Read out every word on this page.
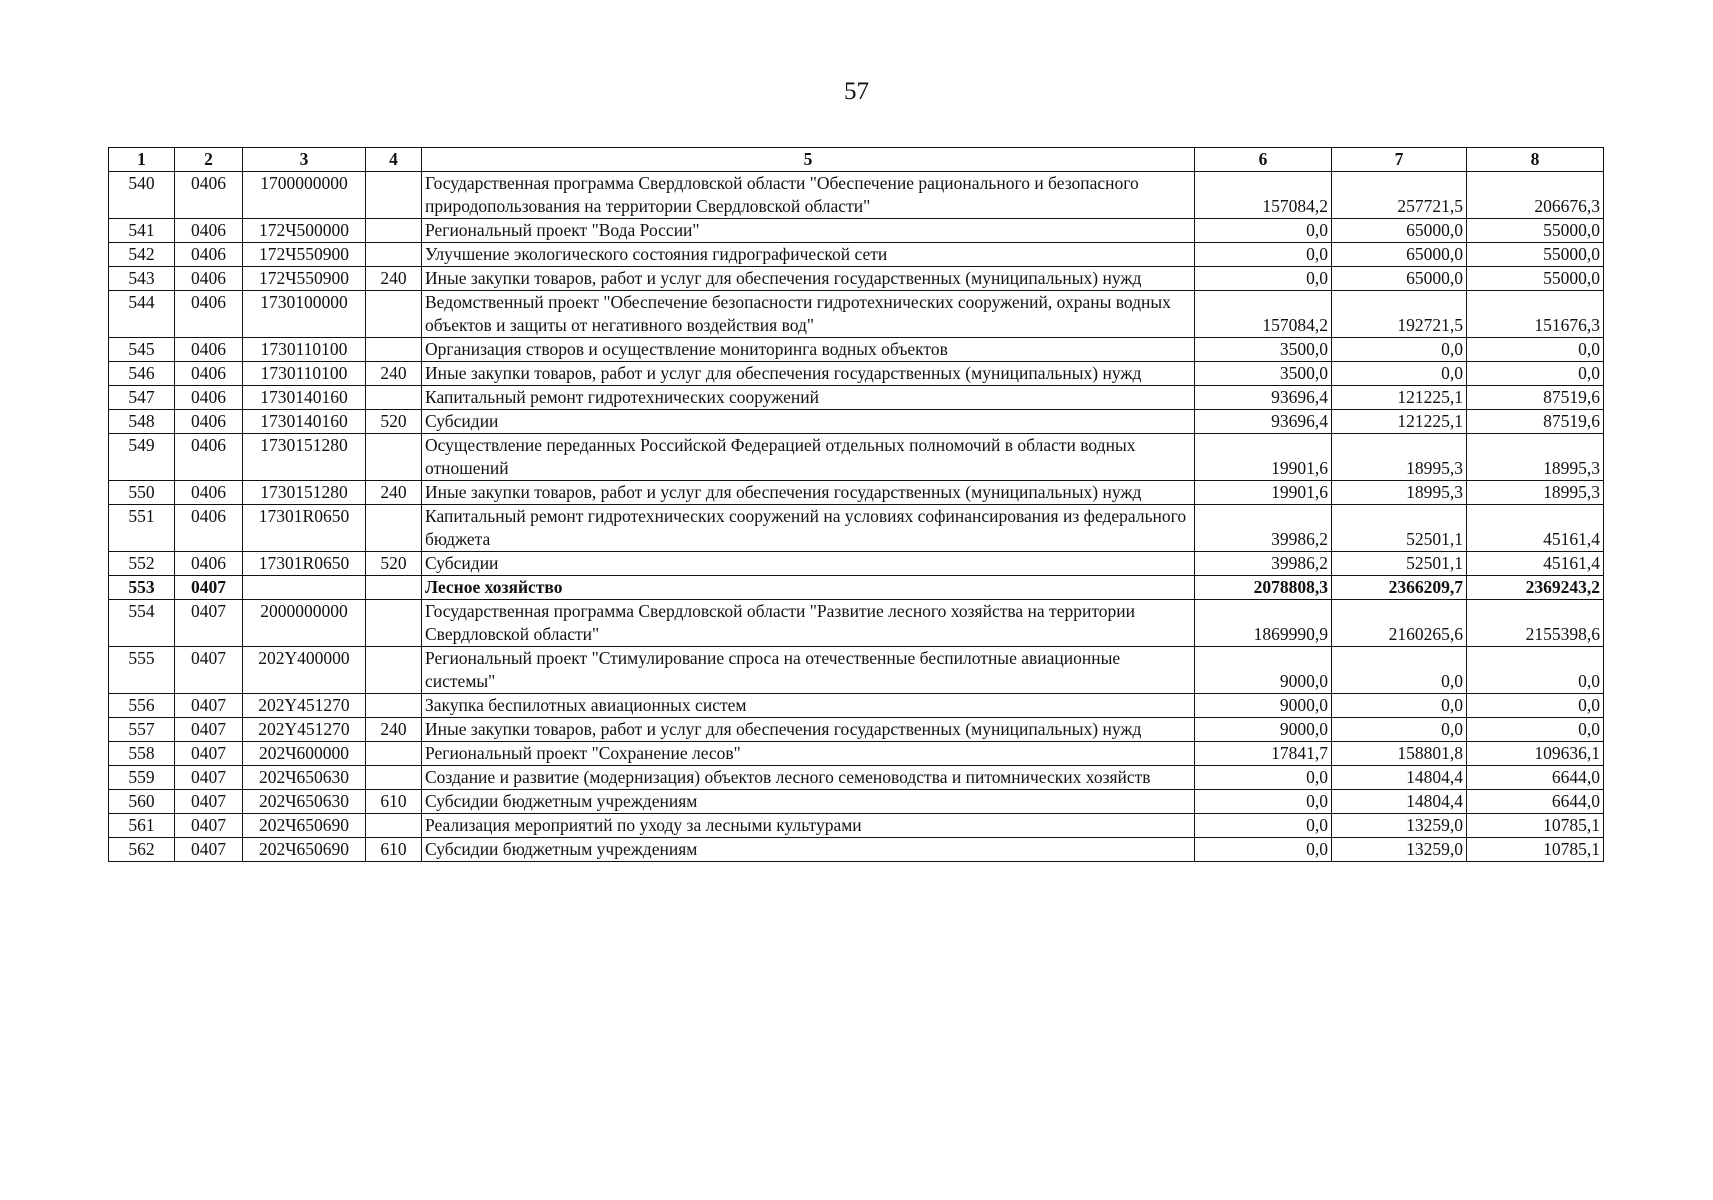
57
1	2	3	4	5	6	7	8
540	0406	1700000000		Государственная программа Свердловской области "Обеспечение рационального и безопасного природопользования на территории Свердловской области"	157084,2	257721,5	206676,3
541	0406	172Ч500000		Региональный проект "Вода России"	0,0	65000,0	55000,0
542	0406	172Ч550900		Улучшение экологического состояния гидрографической сети	0,0	65000,0	55000,0
543	0406	172Ч550900	240	Иные закупки товаров, работ и услуг для обеспечения государственных (муниципальных) нужд	0,0	65000,0	55000,0
544	0406	1730100000		Ведомственный проект "Обеспечение безопасности гидротехнических сооружений, охраны водных объектов и защиты от негативного воздействия вод"	157084,2	192721,5	151676,3
545	0406	1730110100		Организация створов и осуществление мониторинга водных объектов	3500,0	0,0	0,0
546	0406	1730110100	240	Иные закупки товаров, работ и услуг для обеспечения государственных (муниципальных) нужд	3500,0	0,0	0,0
547	0406	1730140160		Капитальный ремонт гидротехнических сооружений	93696,4	121225,1	87519,6
548	0406	1730140160	520	Субсидии	93696,4	121225,1	87519,6
549	0406	1730151280		Осуществление переданных Российской Федерацией отдельных полномочий в области водных отношений	19901,6	18995,3	18995,3
550	0406	1730151280	240	Иные закупки товаров, работ и услуг для обеспечения государственных (муниципальных) нужд	19901,6	18995,3	18995,3
551	0406	17301R0650		Капитальный ремонт гидротехнических сооружений на условиях софинансирования из федерального бюджета	39986,2	52501,1	45161,4
552	0406	17301R0650	520	Субсидии	39986,2	52501,1	45161,4
553	0407			Лесное хозяйство	2078808,3	2366209,7	2369243,2
554	0407	2000000000		Государственная программа Свердловской области "Развитие лесного хозяйства на территории Свердловской области"	1869990,9	2160265,6	2155398,6
555	0407	202Y400000		Региональный проект "Стимулирование спроса на отечественные беспилотные авиационные системы"	9000,0	0,0	0,0
556	0407	202Y451270		Закупка беспилотных авиационных систем	9000,0	0,0	0,0
557	0407	202Y451270	240	Иные закупки товаров, работ и услуг для обеспечения государственных (муниципальных) нужд	9000,0	0,0	0,0
558	0407	202Ч600000		Региональный проект "Сохранение лесов"	17841,7	158801,8	109636,1
559	0407	202Ч650630		Создание и развитие (модернизация) объектов лесного семеноводства и питомнических хозяйств	0,0	14804,4	6644,0
560	0407	202Ч650630	610	Субсидии бюджетным учреждениям	0,0	14804,4	6644,0
561	0407	202Ч650690		Реализация мероприятий по уходу за лесными культурами	0,0	13259,0	10785,1
562	0407	202Ч650690	610	Субсидии бюджетным учреждениям	0,0	13259,0	10785,1
